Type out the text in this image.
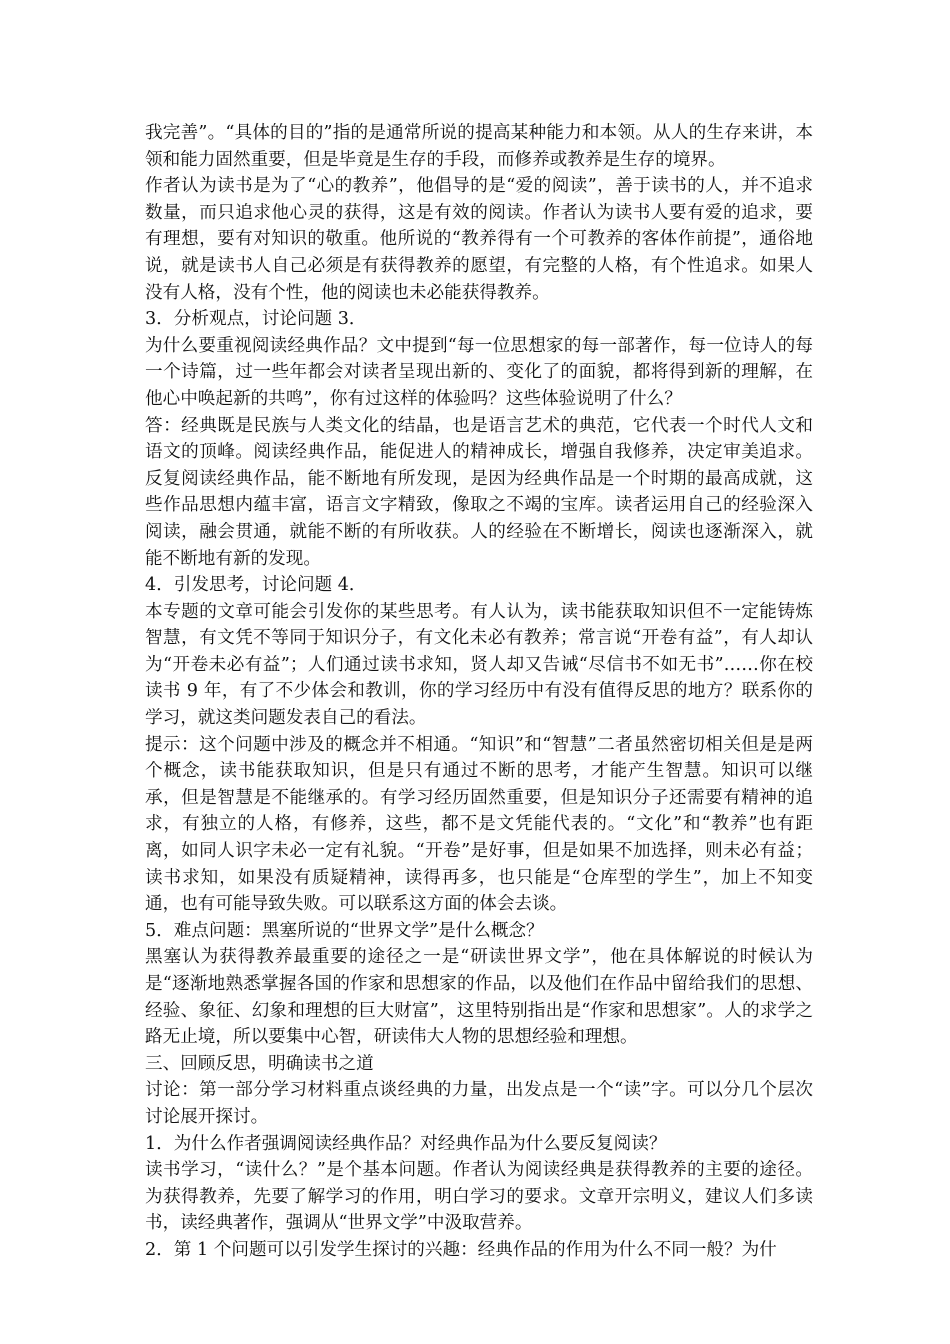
我完善”。“具体的目的”指的是通常所说的提高某种能力和本领。从人的生存来讲，本领和能力固然重要，但是毕竟是生存的手段，而修养或教养是生存的境界。

作者认为读书是为了“心的教养”，他倡导的是“爱的阅读”，善于读书的人，并不追求数量，而只追求他心灵的获得，这是有效的阅读。作者认为读书人要有爱的追求，要有理想，要有对知识的敬重。他所说的“教养得有一个可教养的客体作前提”，通俗地说，就是读书人自己必须是有获得教养的愿望，有完整的人格，有个性追求。如果人没有人格，没有个性，他的阅读也未必能获得教养。

3．分析观点，讨论问题 3．

为什么要重视阅读经典作品？文中提到“每一位思想家的每一部著作，每一位诗人的每一个诗篇，过一些年都会对读者呈现出新的、变化了的面貌，都将得到新的理解，在他心中唤起新的共鸣”，你有过这样的体验吗？这些体验说明了什么？

答：经典既是民族与人类文化的结晶，也是语言艺术的典范，它代表一个时代人文和语文的顶峰。阅读经典作品，能促进人的精神成长，增强自我修养，决定审美追求。反复阅读经典作品，能不断地有所发现，是因为经典作品是一个时期的最高成就，这些作品思想内蕴丰富，语言文字精致，像取之不竭的宝库。读者运用自己的经验深入阅读，融会贯通，就能不断的有所收获。人的经验在不断增长，阅读也逐渐深入，就能不断地有新的发现。

4．引发思考，讨论问题 4．

本专题的文章可能会引发你的某些思考。有人认为，读书能获取知识但不一定能铸炼智慧，有文凭不等同于知识分子，有文化未必有教养；常言说“开卷有益”，有人却认为“开卷未必有益”；人们通过读书求知，贤人却又告诫“尽信书不如无书”……你在校读书 9 年，有了不少体会和教训，你的学习经历中有没有值得反思的地方？联系你的学习，就这类问题发表自己的看法。

提示：这个问题中涉及的概念并不相通。“知识”和“智慧”二者虽然密切相关但是是两个概念，读书能获取知识，但是只有通过不断的思考，才能产生智慧。知识可以继承，但是智慧是不能继承的。有学习经历固然重要，但是知识分子还需要有精神的追求，有独立的人格，有修养，这些，都不是文凭能代表的。“文化”和“教养”也有距离，如同人识字未必一定有礼貌。“开卷”是好事，但是如果不加选择，则未必有益；读书求知，如果没有质疑精神，读得再多，也只能是“仓库型的学生”，加上不知变通，也有可能导致失败。可以联系这方面的体会去谈。

5．难点问题：黑塞所说的“世界文学”是什么概念？

黑塞认为获得教养最重要的途径之一是“研读世界文学”，他在具体解说的时候认为是“逐渐地熟悉掌握各国的作家和思想家的作品，以及他们在作品中留给我们的思想、经验、象征、幻象和理想的巨大财富”，这里特别指出是“作家和思想家”。人的求学之路无止境，所以要集中心智，研读伟大人物的思想经验和理想。

三、回顾反思，明确读书之道

讨论：第一部分学习材料重点谈经典的力量，出发点是一个“读”字。可以分几个层次讨论展开探讨。

1．为什么作者强调阅读经典作品？对经典作品为什么要反复阅读？

读书学习，“读什么？”是个基本问题。作者认为阅读经典是获得教养的主要的途径。为获得教养，先要了解学习的作用，明白学习的要求。文章开宗明义，建议人们多读书，读经典著作，强调从“世界文学”中汲取营养。

2．第 1 个问题可以引发学生探讨的兴趣：经典作品的作用为什么不同一般？为什
